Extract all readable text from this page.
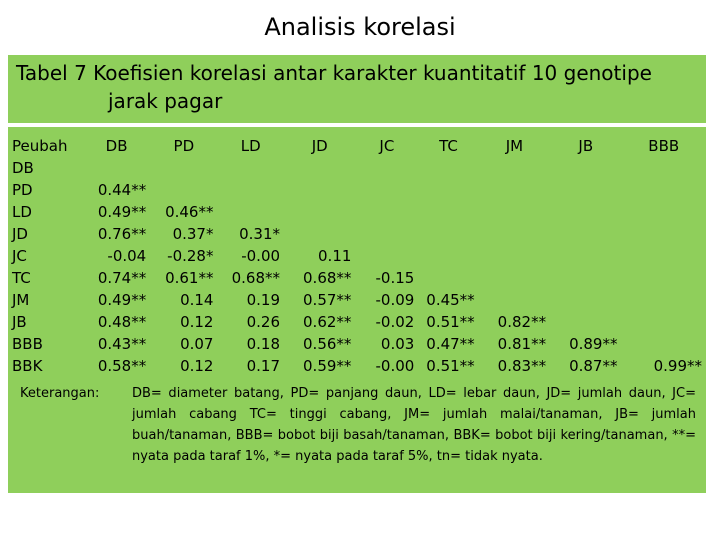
Analisis korelasi
Tabel 7 Koefisien korelasi antar karakter kuantitatif 10 genotipe
jarak pagar
Peubah	DB	PD	LD	JD	JC	TC	JM	JB	BBB
DB									
PD	0.44**								
LD	0.49**	0.46**							
JD	0.76**	0.37*	0.31*						
JC	-0.04	-0.28*	-0.00	0.11					
TC	0.74**	0.61**	0.68**	0.68**	-0.15				
JM	0.49**	0.14	0.19	0.57**	-0.09	0.45**			
JB	0.48**	0.12	0.26	0.62**	-0.02	0.51**	0.82**		
BBB	0.43**	0.07	0.18	0.56**	0.03	0.47**	0.81**	0.89**	
BBK	0.58**	0.12	0.17	0.59**	-0.00	0.51**	0.83**	0.87**	0.99**
Keterangan:	DB= diameter batang, PD= panjang daun, LD= lebar daun, JD= jumlah daun, JC= jumlah cabang TC= tinggi cabang, JM= jumlah malai/tanaman, JB= jumlah buah/tanaman, BBB= bobot biji basah/tanaman, BBK= bobot biji kering/tanaman, **= nyata pada taraf 1%, *= nyata pada taraf 5%, tn= tidak nyata.
